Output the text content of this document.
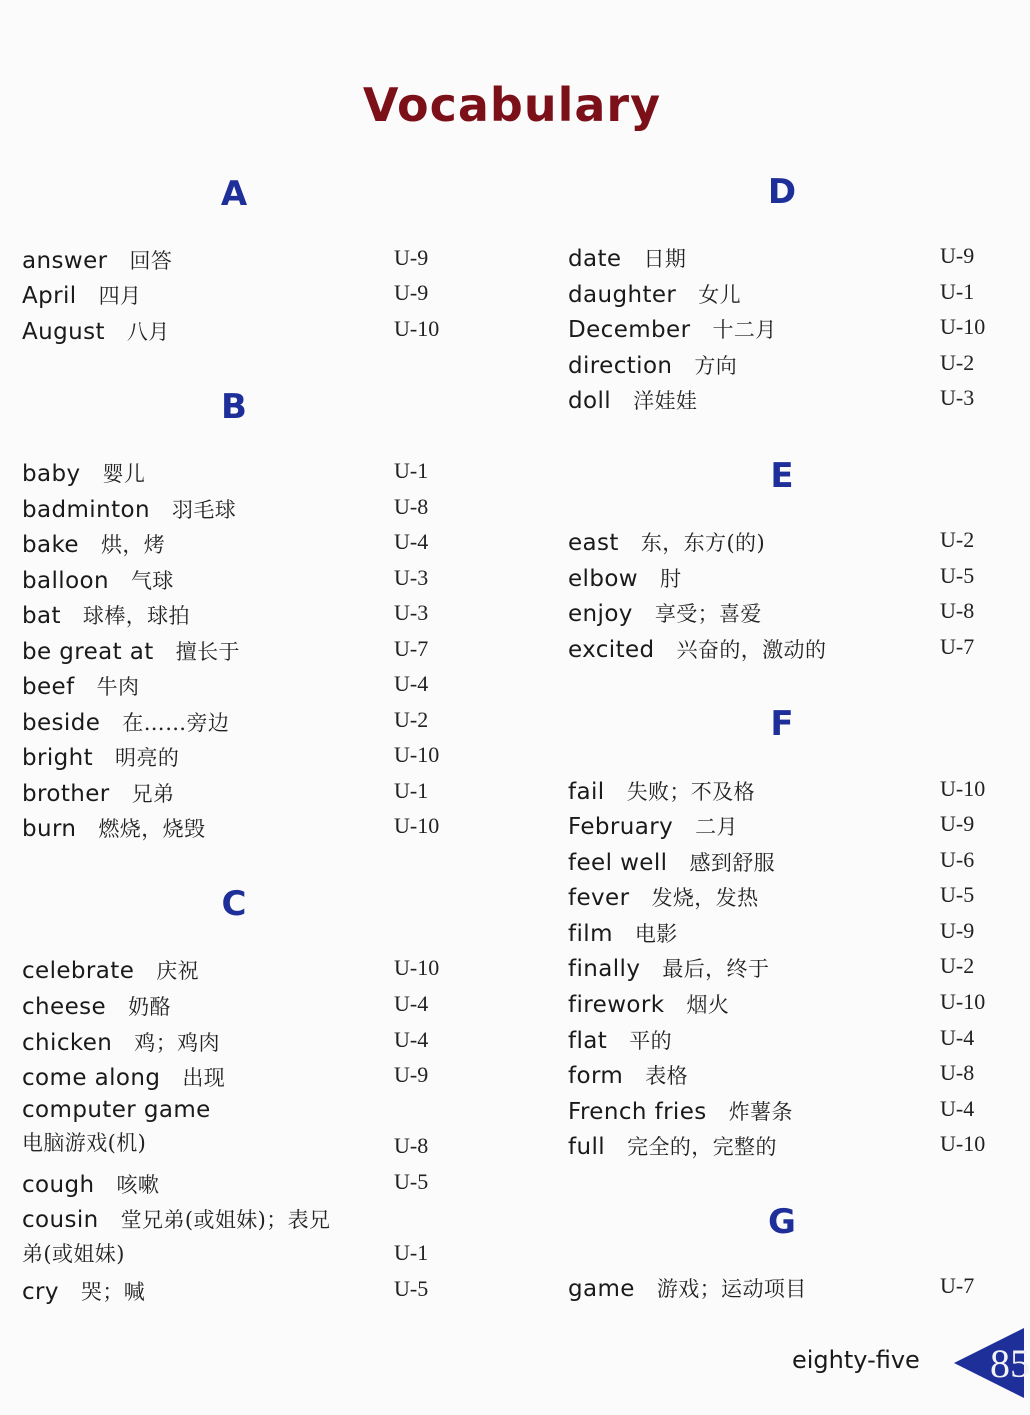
Vocabulary
A
answer 回答	U-9
April 四月	U-9
August 八月	U-10
B
baby 婴儿	U-1
badminton 羽毛球	U-8
bake 烘，烤	U-4
balloon 气球	U-3
bat 球棒，球拍	U-3
be great at 擅长于	U-7
beef 牛肉	U-4
beside 在……旁边	U-2
bright 明亮的	U-10
brother 兄弟	U-1
burn 燃烧，烧毁	U-10
C
celebrate 庆祝	U-10
cheese 奶酪	U-4
chicken 鸡；鸡肉	U-4
come along 出现	U-9
computer game
电脑游戏(机)	U-8
cough 咳嗽	U-5
cousin 堂兄弟(或姐妹)；表兄
弟(或姐妹)	U-1
cry 哭；喊	U-5
D
date 日期	U-9
daughter 女儿	U-1
December 十二月	U-10
direction 方向	U-2
doll 洋娃娃	U-3
E
east 东，东方(的)	U-2
elbow 肘	U-5
enjoy 享受；喜爱	U-8
excited 兴奋的，激动的	U-7
F
fail 失败；不及格	U-10
February 二月	U-9
feel well 感到舒服	U-6
fever 发烧，发热	U-5
film 电影	U-9
finally 最后，终于	U-2
firework 烟火	U-10
flat 平的	U-4
form 表格	U-8
French fries 炸薯条	U-4
full 完全的，完整的	U-10
G
game 游戏；运动项目	U-7
eighty-five 85
